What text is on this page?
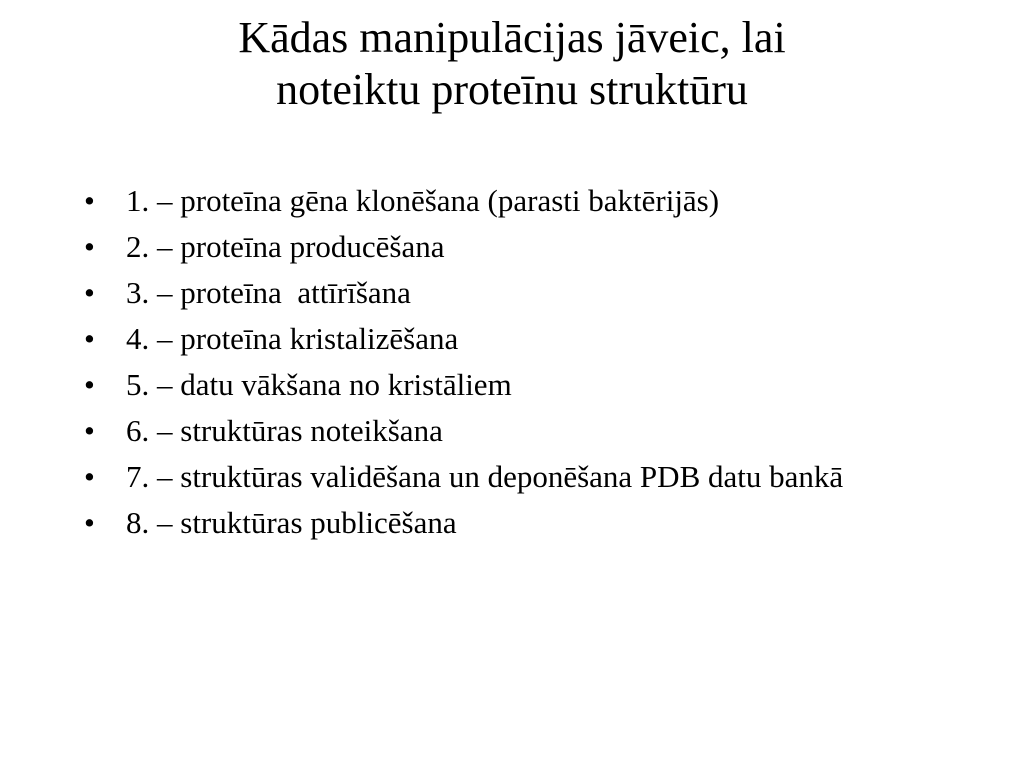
Kādas manipulācijas jāveic, lai
noteiktu proteīnu struktūru
• 1. – proteīna gēna klonēšana (parasti baktērijās)
• 2. – proteīna producēšana
• 3. – proteīna  attīrīšana
• 4. – proteīna kristalizēšana
• 5. – datu vākšana no kristāliem
• 6. – struktūras noteikšana
• 7. – struktūras validēšana un deponēšana PDB datu bankā
• 8. – struktūras publicēšana
